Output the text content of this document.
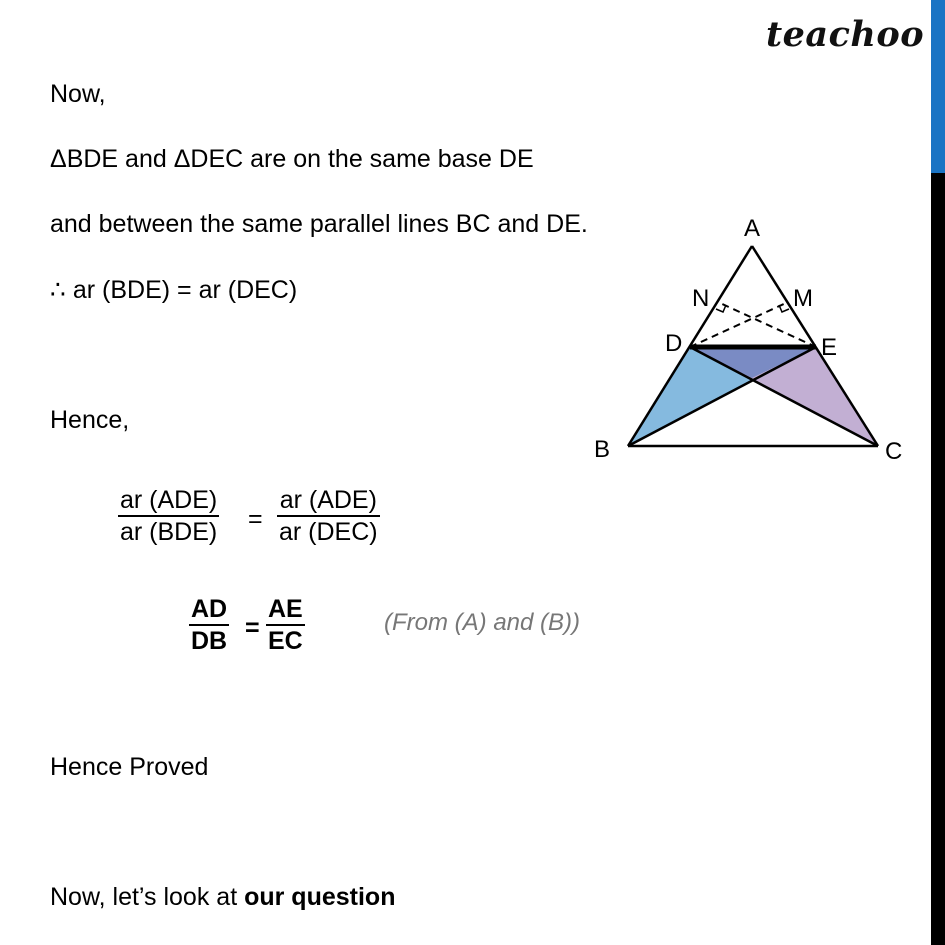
teachoo
Now,
ΔBDE and ΔDEC are on the same base DE
and between the same parallel lines BC and DE.
∴ ar (BDE) = ar (DEC)
Hence,
ar (ADE)
ar (BDE) =
ar (ADE)
ar (DEC)
$\frac{AD}{DB} = \frac{AE}{EC}$	(From (A) and (B))
Hence Proved
Now, let’s look at our question
A
N	M
D	E
B	C
